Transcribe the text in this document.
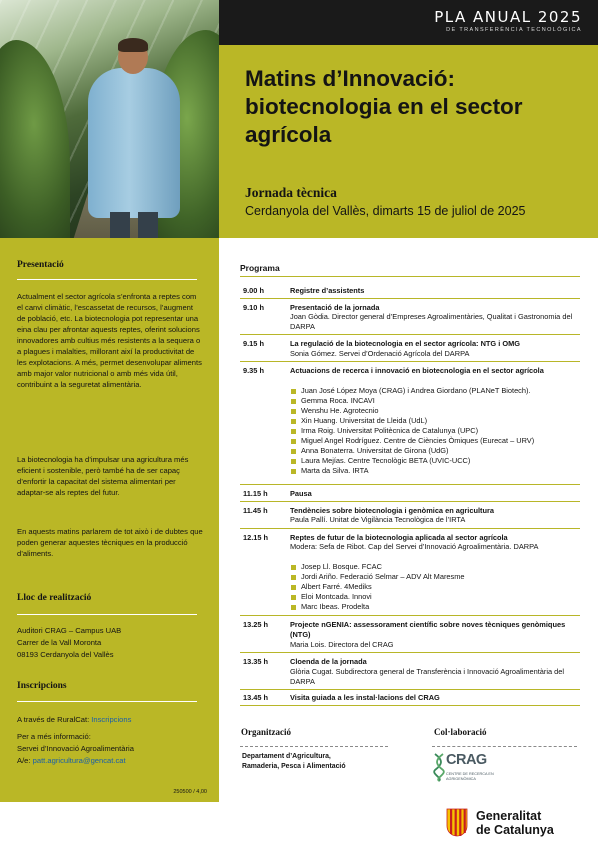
PLA ANUAL 2025
DE TRANSFERÈNCIA TECNOLÒGICA
Matins d’Innovació: biotecnologia en el sector agrícola
Jornada tècnica
Cerdanyola del Vallès, dimarts 15 de juliol de 2025
Presentació
Actualment el sector agrícola s’enfronta a reptes com el canvi climàtic, l’escassetat de recursos, l’augment de població, etc. La biotecnologia pot representar una eina clau per afrontar aquests reptes, oferint solucions innovadores amb cultius més resistents a la sequera o a plagues i malalties, millorant així la productivitat de les explotacions. A més, permet desenvolupar aliments amb major valor nutricional o amb més vida útil, contribuint a la seguretat alimentària.
La biotecnologia ha d’impulsar una agricultura més eficient i sostenible, però també ha de ser capaç d’enfortir la capacitat del sistema alimentari per adaptar-se als reptes del futur.
En aquests matins parlarem de tot això i de dubtes que poden generar aquestes tècniques en la producció d’aliments.
Lloc de realització
Auditori CRAG – Campus UAB
Carrer de la Vall Moronta
08193 Cerdanyola del Vallès
Inscripcions
A través de RuralCat: Inscripcions
Per a més informació:
Servei d’Innovació Agroalimentària
A/e: patt.agricultura@gencat.cat
250500 / 4,00
Programa
9.00 h	Registre d’assistents
9.10 h	Presentació de la jornada
Joan Gòdia. Director general d’Empreses Agroalimentàries, Qualitat i Gastronomia del DARPA
9.15 h	La regulació de la biotecnologia en el sector agrícola: NTG i OMG
Sonia Gómez. Servei d’Ordenació Agrícola del DARPA
9.35 h	Actuacions de recerca i innovació en biotecnologia en el sector agrícola
Juan José López Moya (CRAG) i Andrea Giordano (PLANeT Biotech).
Gemma Roca. INCAVI
Wenshu He. Agrotecnio
Xin Huang. Universitat de Lleida (UdL)
Irma Roig. Universitat Politècnica de Catalunya (UPC)
Miguel Angel Rodríguez. Centre de Ciències Òmiques (Eurecat – URV)
Anna Bonaterra. Universitat de Girona (UdG)
Laura Mejías. Centre Tecnològic BETA (UVIC-UCC)
Marta da Silva. IRTA
11.15 h	Pausa
11.45 h	Tendències sobre biotecnologia i genòmica en agricultura
Paula Pallí. Unitat de Vigilància Tecnològica de l’IRTA
12.15 h	Reptes de futur de la biotecnologia aplicada al sector agrícola
Modera: Sefa de Ribot. Cap del Servei d’Innovació Agroalimentària. DARPA
Josep Ll. Bosque. FCAC
Jordi Ariño. Federació Selmar – ADV Alt Maresme
Albert Farré. 4Mediks
Eloi Montcada. Innovi
Marc Ibeas. Prodelta
13.25 h	Projecte nGENIA: assessorament científic sobre noves tècniques genòmiques (NTG)
Maria Lois. Directora del CRAG
13.35 h	Cloenda de la jornada
Glòria Cugat. Subdirectora general de Transferència i Innovació Agroalimentària del DARPA
13.45 h	Visita guiada a les instal·lacions del CRAG
Organització
Departament d’Agricultura,
Ramaderia, Pesca i Alimentació
Col·laboració
CRAG
CENTRE DE RECERCA EN AGRIGENÒMICA
Generalitat
de Catalunya
